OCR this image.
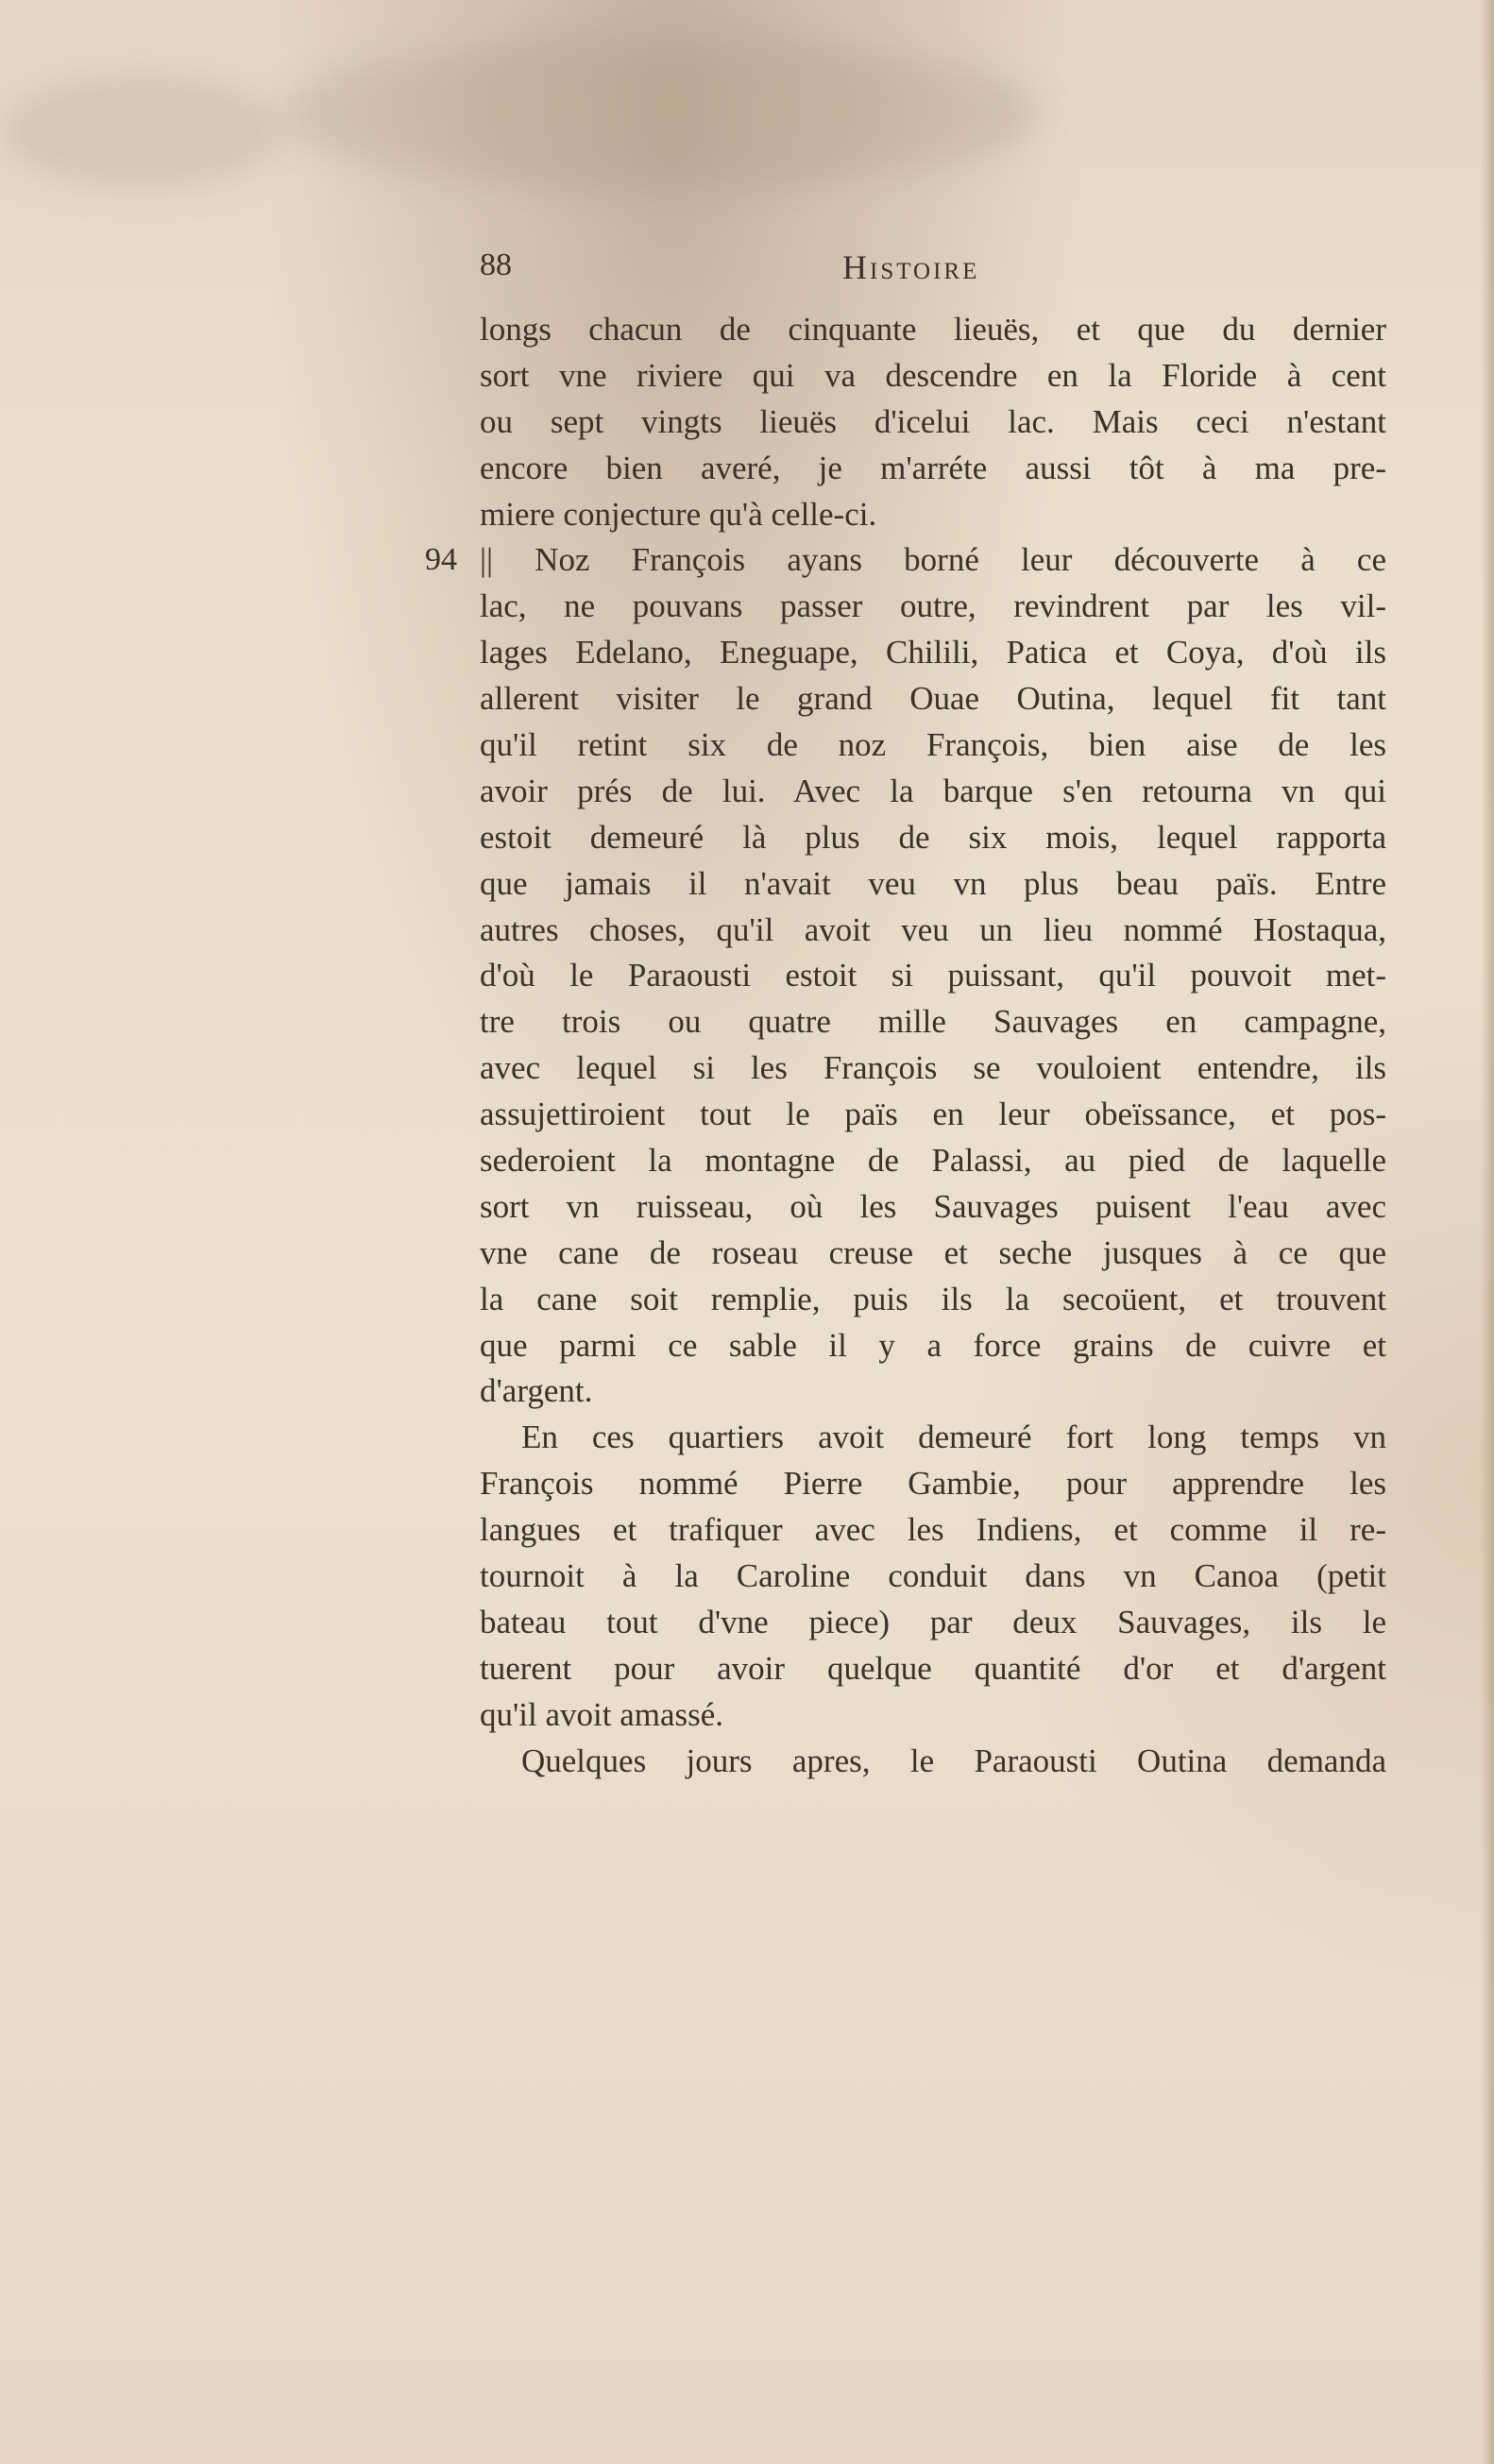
88	Histoire
94
longs chacun de cinquante lieuës, et que du dernier
sort vne riviere qui va descendre en la Floride à cent
ou sept vingts lieuës d'icelui lac. Mais ceci n'estant
encore bien averé, je m'arréte aussi tôt à ma pre-
miere conjecture qu'à celle-ci.
|| Noz François ayans borné leur découverte à ce
lac, ne pouvans passer outre, revindrent par les vil-
lages Edelano, Eneguape, Chilili, Patica et Coya, d'où ils
allerent visiter le grand Ouae Outina, lequel fit tant
qu'il retint six de noz François, bien aise de les
avoir prés de lui. Avec la barque s'en retourna vn qui
estoit demeuré là plus de six mois, lequel rapporta
que jamais il n'avait veu vn plus beau païs. Entre
autres choses, qu'il avoit veu un lieu nommé Hostaqua,
d'où le Paraousti estoit si puissant, qu'il pouvoit met-
tre trois ou quatre mille Sauvages en campagne,
avec lequel si les François se vouloient entendre, ils
assujettiroient tout le païs en leur obeïssance, et pos-
sederoient la montagne de Palassi, au pied de laquelle
sort vn ruisseau, où les Sauvages puisent l'eau avec
vne cane de roseau creuse et seche jusques à ce que
la cane soit remplie, puis ils la secoüent, et trouvent
que parmi ce sable il y a force grains de cuivre et
d'argent.
En ces quartiers avoit demeuré fort long temps vn
François nommé Pierre Gambie, pour apprendre les
langues et trafiquer avec les Indiens, et comme il re-
tournoit à la Caroline conduit dans vn Canoa (petit
bateau tout d'vne piece) par deux Sauvages, ils le
tuerent pour avoir quelque quantité d'or et d'argent
qu'il avoit amassé.
Quelques jours apres, le Paraousti Outina demanda
